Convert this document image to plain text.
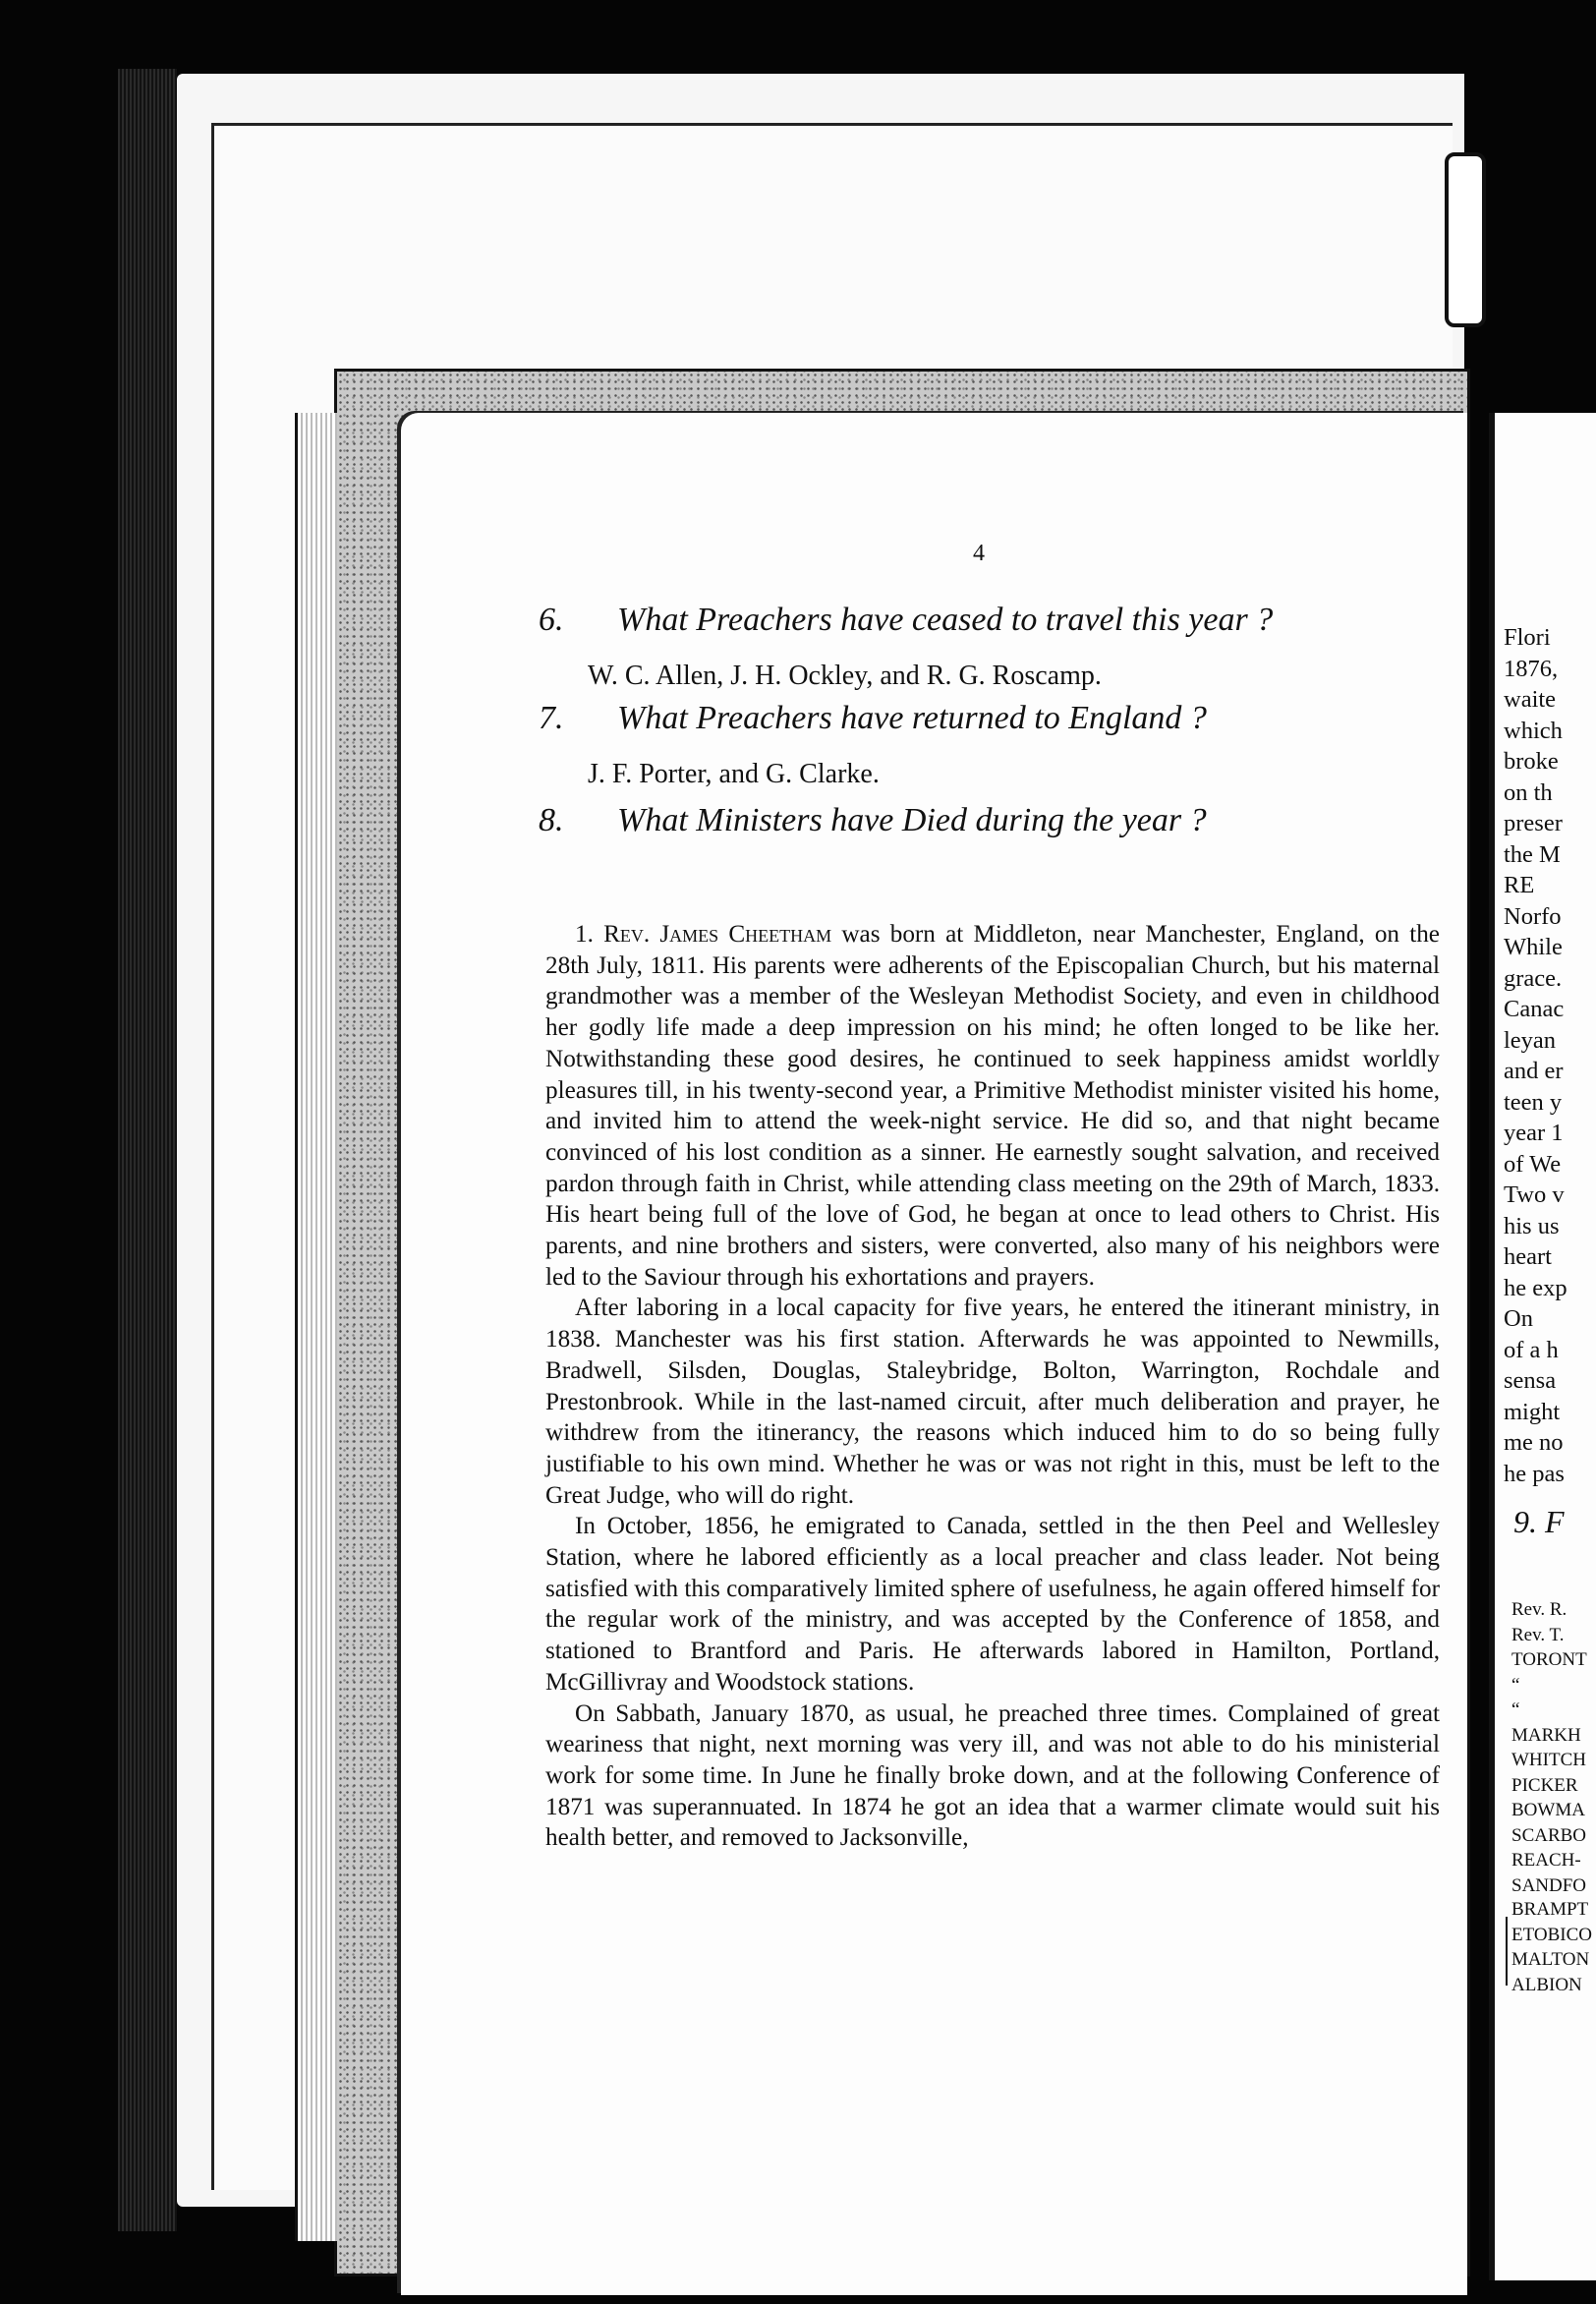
4
6. What Preachers have ceased to travel this year ?
W. C. Allen, J. H. Ockley, and R. G. Roscamp.
7. What Preachers have returned to England ?
J. F. Porter, and G. Clarke.
8. What Ministers have Died during the year ?

1. Rev. James Cheetham was born at Middleton, near Manchester, England, on the 28th July, 1811. His parents were adherents of the Episcopalian Church, but his maternal grandmother was a member of the Wesleyan Methodist Society, and even in childhood her godly life made a deep impression on his mind; he often longed to be like her. Notwithstanding these good desires, he continued to seek happiness amidst worldly pleasures till, in his twenty-second year, a Primitive Methodist minister visited his home, and invited him to attend the week-night service. He did so, and that night became convinced of his lost condition as a sinner. He earnestly sought salvation, and received pardon through faith in Christ, while attending class meeting on the 29th of March, 1833. His heart being full of the love of God, he began at once to lead others to Christ. His parents, and nine brothers and sisters, were converted, also many of his neighbors were led to the Saviour through his exhortations and prayers.

After laboring in a local capacity for five years, he entered the itinerant ministry, in 1838. Manchester was his first station. Afterwards he was appointed to Newmills, Bradwell, Silsden, Douglas, Staleybridge, Bolton, Warrington, Rochdale and Prestonbrook. While in the last-named circuit, after much deliberation and prayer, he withdrew from the itinerancy, the reasons which induced him to do so being fully justifiable to his own mind. Whether he was or was not right in this, must be left to the Great Judge, who will do right.

In October, 1856, he emigrated to Canada, settled in the then Peel and Wellesley Station, where he labored efficiently as a local preacher and class leader. Not being satisfied with this comparatively limited sphere of usefulness, he again offered himself for the regular work of the ministry, and was accepted by the Conference of 1858, and stationed to Brantford and Paris. He afterwards labored in Hamilton, Portland, McGillivray and Woodstock stations.

On Sabbath, January 1870, as usual, he preached three times. Complained of great weariness that night, next morning was very ill, and was not able to do his ministerial work for some time. In June he finally broke down, and at the following Conference of 1871 was superannuated. In 1874 he got an idea that a warmer climate would suit his health better, and removed to Jacksonville,

Flori
1876,
waite
which
broke
on th
preser
the M
RE
Norfo
While
grace.
Canac
leyan
and er
teen y
year 1
of We
Two v
his us
heart
he exp
On
of a h
sensa
might
me no
he pas
9. F
Rev. R.
Rev. T.
TORONT
“
“
MARKH
WHITCH
PICKER
BOWMA
SCARBO
REACH-
SANDFO
BRAMPT
ETOBICO
MALTON
ALBION
